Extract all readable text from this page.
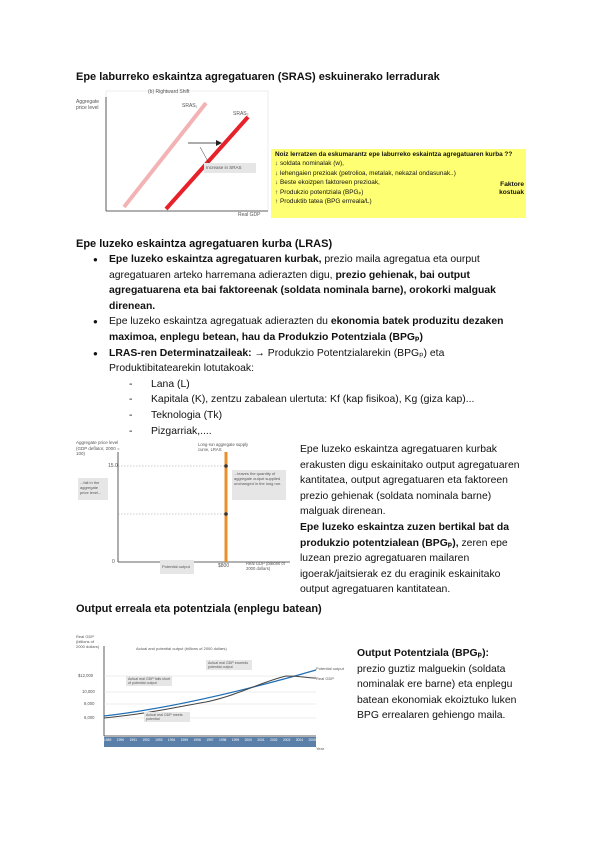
Epe laburreko eskaintza agregatuaren (SRAS) eskuinerako lerradurak
(b) Rightward Shift
Aggregate price level
Real GDP
SRAS₁
SRAS₂
Increase in SRAS
Noiz lerratzen da eskumarantz epe laburreko eskaintza agregatuaren kurba ??
↓ soldata nominalak (w),
↓ lehengaien prezioak (petrolioa, metalak, nekazal ondasunak..)
↓ Beste ekoizpen faktoreen prezioak,
↑ Produkzio potentziala (BPGₚ)
↑ Produktib tatea (BPG errreala/L)
Faktore kostuak
Epe luzeko eskaintza agregatuaren kurba (LRAS)
● Epe luzeko eskaintza agregatuaren kurbak, prezio maila agregatua eta ourput agregatuaren arteko harremana adierazten digu, prezio gehienak, bai output agregatuarena eta bai faktoreenak (soldata nominala barne), orokorki malguak direnean.
● Epe luzeko eskaintza agregatuak adierazten du ekonomia batek produzitu dezaken maximoa, enplegu betean, hau da Produkzio Potentziala (BPGₚ)
● LRAS-ren Determinatzaileak: → Produkzio Potentzialarekin (BPGₚ) eta Produktibitatearekin lotutakoak:
- Lana (L)
- Kapitala (K), zentzu zabalean ulertuta: Kf (kap fisikoa), Kg (giza kap)...
- Teknologia (Tk)
- Pizgarriak,....
Aggregate price level (GDP deflator, 2000 = 100)
15.0
0
$800	Real GDP (billions of 2000 dollars)
Long-run aggregate supply curve, LRAS
...fall in the aggregate price level...
...leaves the quantity of aggregate output supplied unchanged in the long run.
Potential output
Epe luzeko eskaintza agregatuaren kurbak erakusten digu eskainitako output agregatuaren kantitatea, output agregatuaren eta faktoreen prezio gehienak (soldata nominala barne) malguak direnean.
Epe luzeko eskaintza zuzen bertikal bat da produkzio potentzialean (BPGₚ), zeren epe luzean prezio agregatuaren mailaren igoerak/jaitsierak ez du eraginik eskainitako output agregatuaren kantitatean.
Output erreala eta potentziala (enplegu batean)
Real GDP (billions of 2000 dollars)
$12,000
10,000
8,000
6,000
Actual and potential output (billions of 2000 dollars)
Potential output
Real GDP
Actual real GDP falls short of potential output
Actual real GDP exceeds potential output
Actual real GDP meets potential
Year
1989 1990 1991 1992 1993 1994 1995 1996 1997 1998 1999 2000 2001 2002 2003 2004 2005
Output Potentziala (BPGₚ):
prezio guztiz malguekin (soldata nominalak ere barne) eta enplegu batean ekonomiak ekoiztuko luken BPG errealaren gehiengo maila.
